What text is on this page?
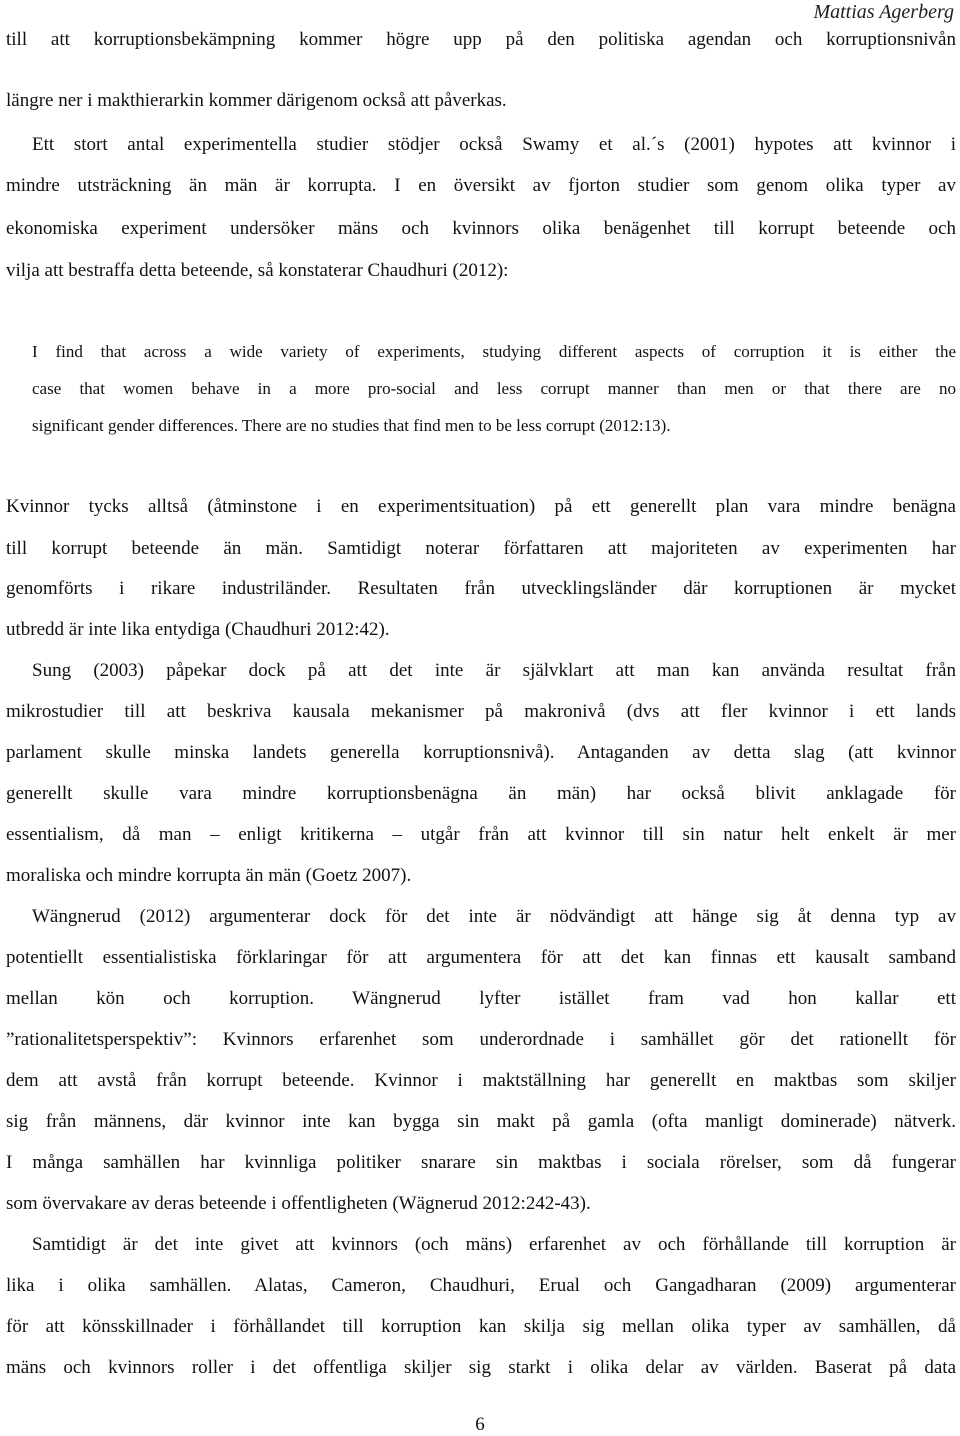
Mattias Agerberg
till att korruptionsbekämpning kommer högre upp på den politiska agendan och korruptionsnivån
längre ner i makthierarkin kommer därigenom också att påverkas.
Ett stort antal experimentella studier stödjer också Swamy et al.´s (2001) hypotes att kvinnor i
mindre utsträckning än män är korrupta. I en översikt av fjorton studier som genom olika typer av
ekonomiska experiment undersöker mäns och kvinnors olika benägenhet till korrupt beteende och
vilja att bestraffa detta beteende, så konstaterar Chaudhuri (2012):
I find that across a wide variety of experiments, studying different aspects of corruption it is either the
case that women behave in a more pro-social and less corrupt manner than men or that there are no
significant gender differences. There are no studies that find men to be less corrupt (2012:13).
Kvinnor tycks alltså (åtminstone i en experimentsituation) på ett generellt plan vara mindre benägna
till korrupt beteende än män. Samtidigt noterar författaren att majoriteten av experimenten har
genomförts i rikare industriländer. Resultaten från utvecklingsländer där korruptionen är mycket
utbredd är inte lika entydiga (Chaudhuri 2012:42).
Sung (2003) påpekar dock på att det inte är självklart att man kan använda resultat från
mikrostudier till att beskriva kausala mekanismer på makronivå (dvs att fler kvinnor i ett lands
parlament skulle minska landets generella korruptionsnivå). Antaganden av detta slag (att kvinnor
generellt skulle vara mindre korruptionsbenägna än män) har också blivit anklagade för
essentialism, då man – enligt kritikerna – utgår från att kvinnor till sin natur helt enkelt är mer
moraliska och mindre korrupta än män (Goetz 2007).
Wängnerud (2012) argumenterar dock för det inte är nödvändigt att hänge sig åt denna typ av
potentiellt essentialistiska förklaringar för att argumentera för att det kan finnas ett kausalt samband
mellan kön och korruption. Wängnerud lyfter istället fram vad hon kallar ett
”rationalitetsperspektiv”: Kvinnors erfarenhet som underordnade i samhället gör det rationellt för
dem att avstå från korrupt beteende. Kvinnor i maktställning har generellt en maktbas som skiljer
sig från männens, där kvinnor inte kan bygga sin makt på gamla (ofta manligt dominerade) nätverk.
I många samhällen har kvinnliga politiker snarare sin maktbas i sociala rörelser, som då fungerar
som övervakare av deras beteende i offentligheten (Wägnerud 2012:242-43).
Samtidigt är det inte givet att kvinnors (och mäns) erfarenhet av och förhållande till korruption är
lika i olika samhällen. Alatas, Cameron, Chaudhuri, Erual och Gangadharan (2009) argumenterar
för att könsskillnader i förhållandet till korruption kan skilja sig mellan olika typer av samhällen, då
mäns och kvinnors roller i det offentliga skiljer sig starkt i olika delar av världen. Baserat på data
6
